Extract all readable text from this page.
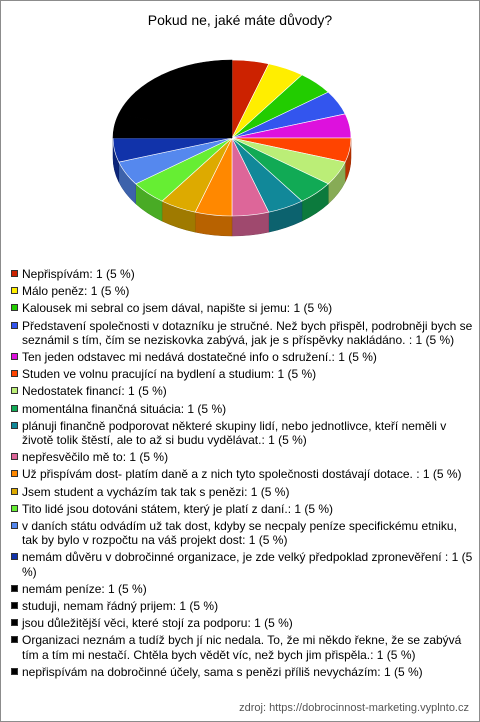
Pokud ne, jaké máte důvody?
Nepřispívám: 1 (5 %)
Málo peněz: 1 (5 %)
Kalousek mi sebral co jsem dával, napište si jemu: 1 (5 %)
Představení společnosti v dotazníku je stručné. Než bych přispěl, podrobněji bych se seznámil s tím, čím se neziskovka zabývá, jak je s příspěvky nakládáno. : 1 (5 %)
Ten jeden odstavec mi nedává dostatečné info o sdružení.: 1 (5 %)
Studen ve volnu pracující na bydlení a studium: 1 (5 %)
Nedostatek financí: 1 (5 %)
momentálna finančná situácia: 1 (5 %)
plánuji finančně podporovat některé skupiny lidí, nebo jednotlivce, kteří neměli v životě tolik štěstí, ale to až si budu vydělávat.: 1 (5 %)
nepřesvěčilo mě to: 1 (5 %)
Už přispívám dost- platím daně a z nich tyto společnosti dostávají dotace. : 1 (5 %)
Jsem student a vycházím tak tak s penězi: 1 (5 %)
Tito lidé jsou dotováni státem, který je platí z daní.: 1 (5 %)
v daních státu odvádím už tak dost, kdyby se necpaly peníze specifickému etniku, tak by bylo v rozpočtu na váš projekt dost: 1 (5 %)
nemám důvěru v dobročinné organizace, je zde velký předpoklad zpronevěření : 1 (5 %)
nemám peníze: 1 (5 %)
studuji, nemam řádný prijem: 1 (5 %)
jsou důležitější věci, které stojí za podporu: 1 (5 %)
Organizaci neznám a tudíž bych jí nic nedala. To, že mi někdo řekne, že se zabývá tím a tím mi nestačí. Chtěla bych vědět víc, než bych jim přispěla.: 1 (5 %)
nepřispívám na dobročinné účely, sama s penězi příliš nevycházím: 1 (5 %)
zdroj: https://dobrocinnost-marketing.vyplnto.cz
